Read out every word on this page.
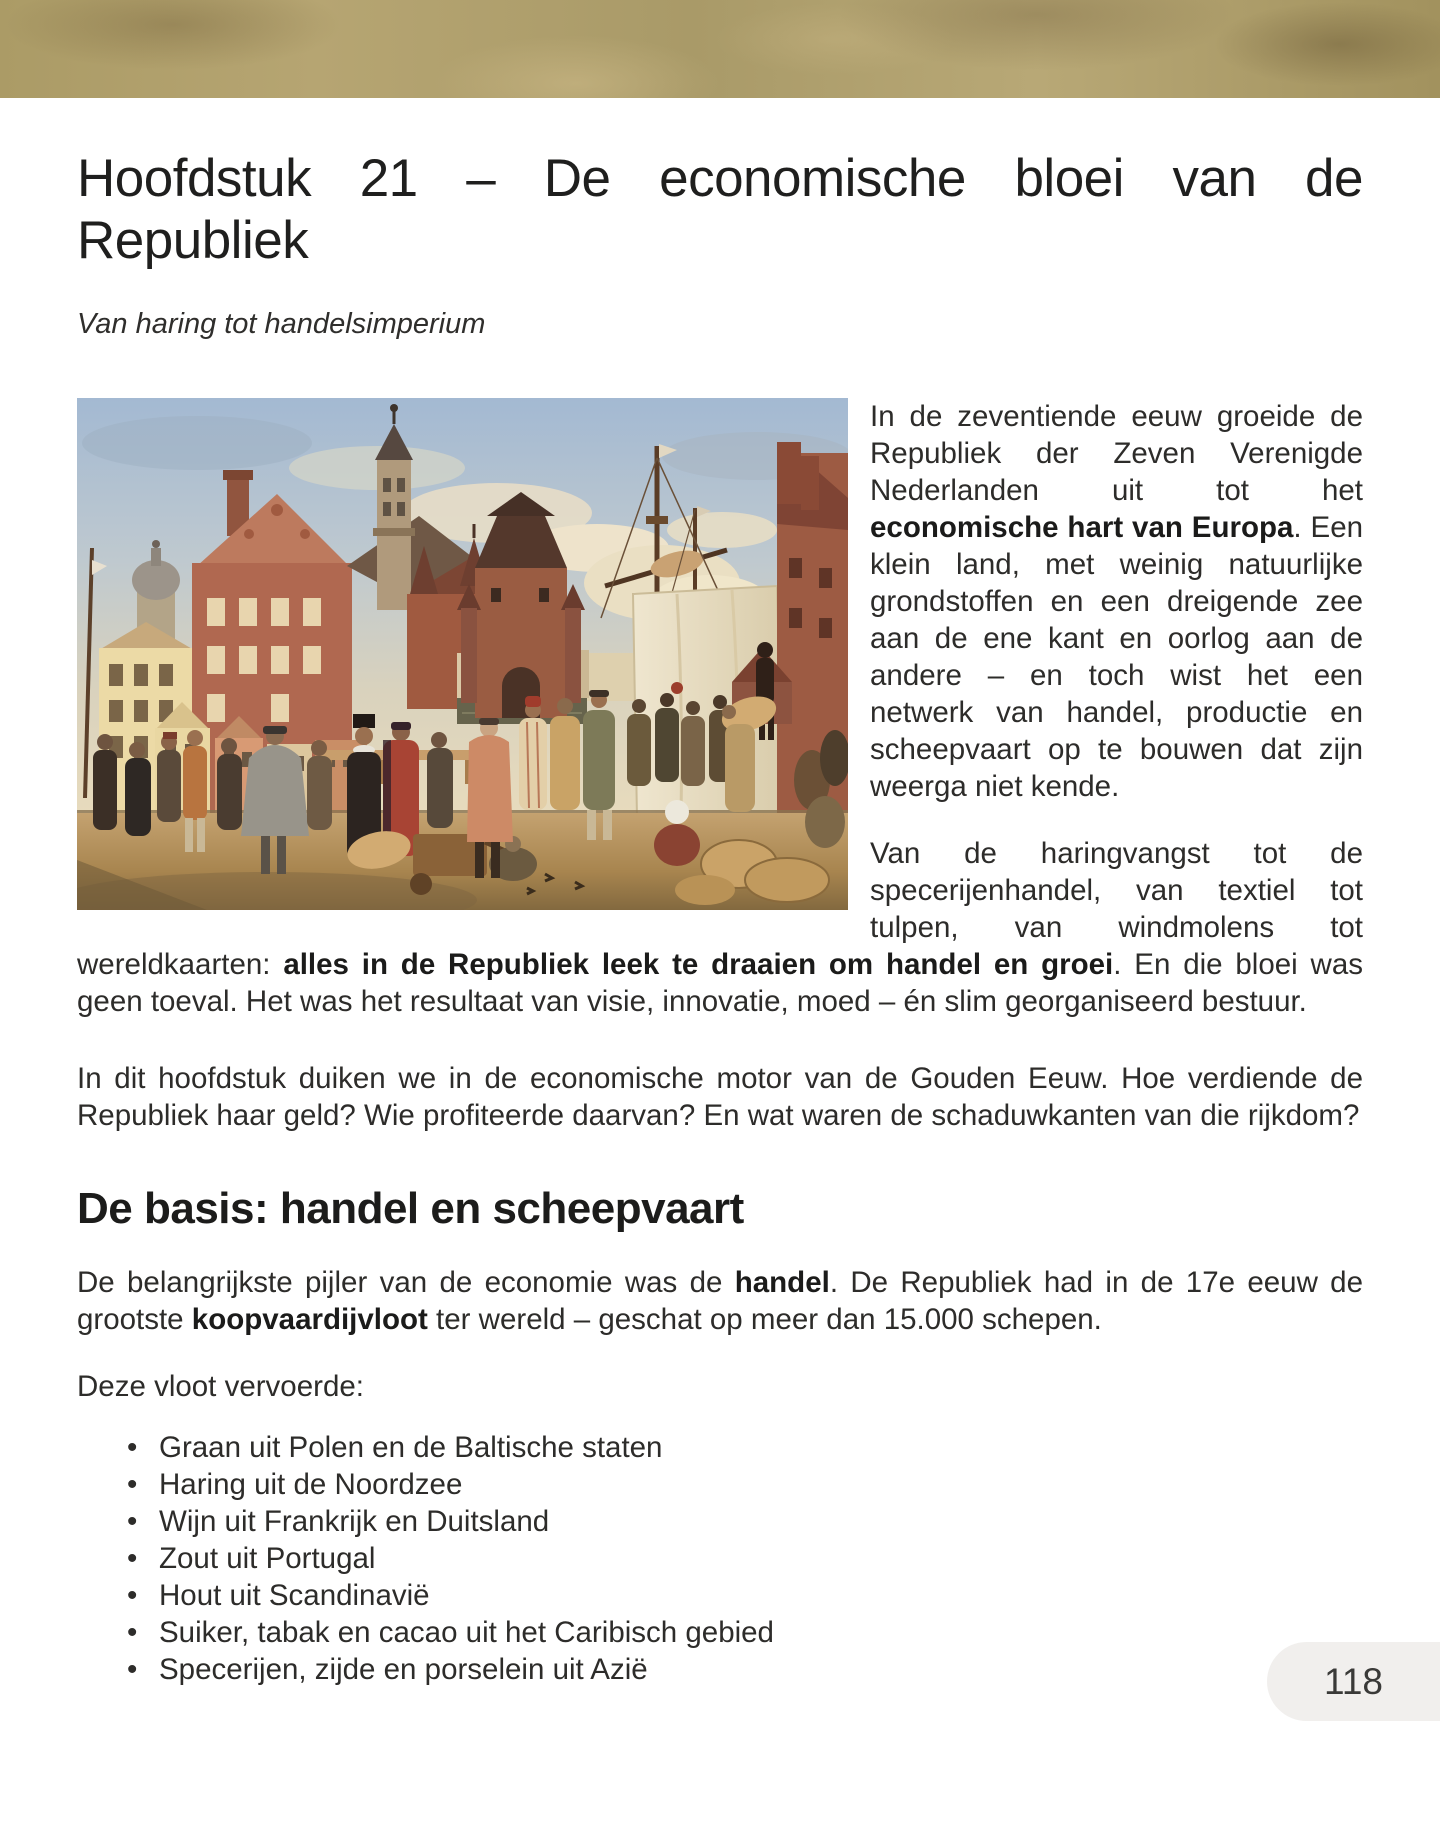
Hoofdstuk 21 – De economische bloei van de Republiek

Van haring tot handelsimperium

In de zeventiende eeuw groeide de Republiek der Zeven Verenigde Nederlanden uit tot het economische hart van Europa. Een klein land, met weinig natuurlijke grondstoffen en een dreigende zee aan de ene kant en oorlog aan de andere – en toch wist het een netwerk van handel, productie en scheepvaart op te bouwen dat zijn weerga niet kende.

Van de haringvangst tot de specerijenhandel, van textiel tot tulpen, van windmolens tot wereldkaarten: alles in de Republiek leek te draaien om handel en groei. En die bloei was geen toeval. Het was het resultaat van visie, innovatie, moed – én slim georganiseerd bestuur.

In dit hoofdstuk duiken we in de economische motor van de Gouden Eeuw. Hoe verdiende de Republiek haar geld? Wie profiteerde daarvan? En wat waren de schaduwkanten van die rijkdom?

De basis: handel en scheepvaart

De belangrijkste pijler van de economie was de handel. De Republiek had in de 17e eeuw de grootste koopvaardijvloot ter wereld – geschat op meer dan 15.000 schepen.

Deze vloot vervoerde:

• Graan uit Polen en de Baltische staten
• Haring uit de Noordzee
• Wijn uit Frankrijk en Duitsland
• Zout uit Portugal
• Hout uit Scandinavië
• Suiker, tabak en cacao uit het Caribisch gebied
• Specerijen, zijde en porselein uit Azië	118
